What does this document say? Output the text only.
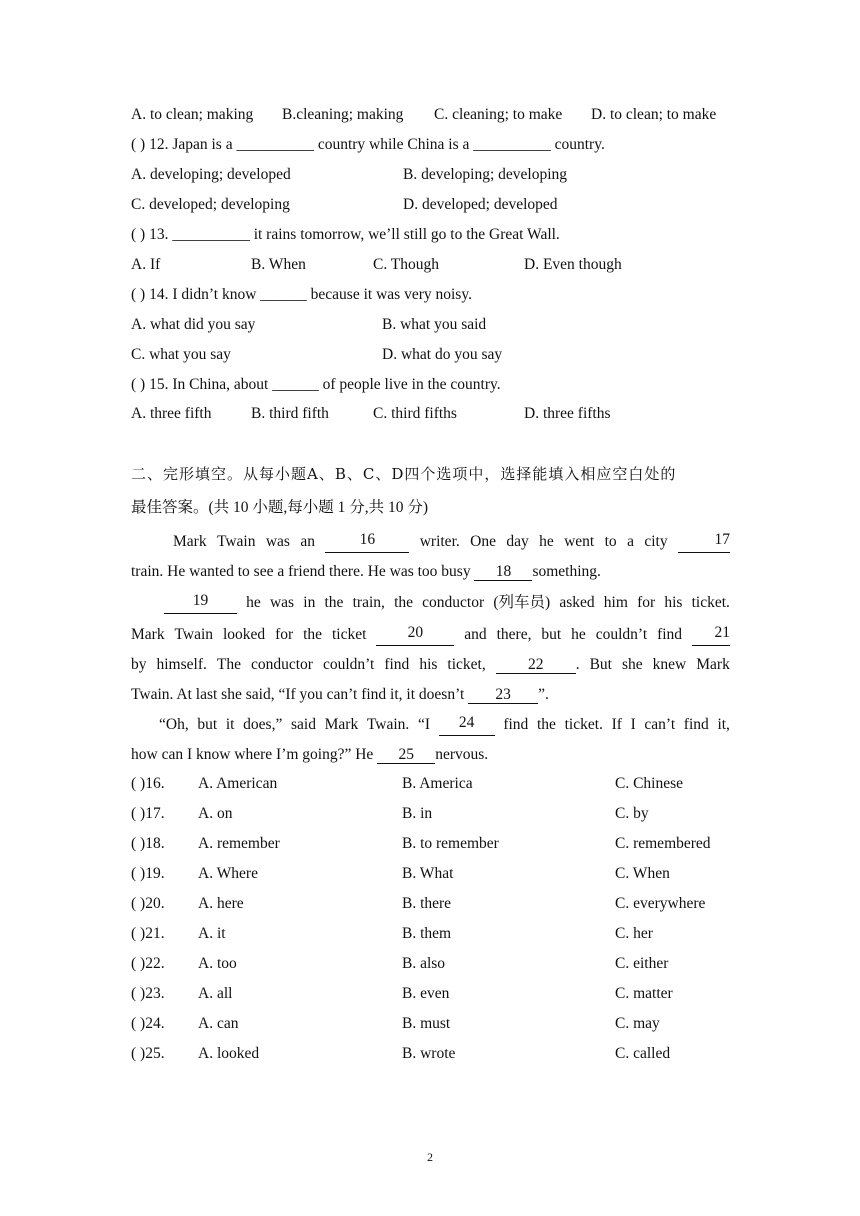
A. to clean; making B.cleaning; making C. cleaning; to make D. to clean; to make
( ) 12. Japan is a __________ country while China is a __________ country.
A. developing; developed	B. developing; developing
C. developed; developing	D. developed; developed
( ) 13. __________ it rains tomorrow, we’ll still go to the Great Wall.
A. If	B. When	C. Though	D. Even though
( ) 14. I didn’t know ______ because it was very noisy.
A. what did you say	B. what you said
C. what you say	D. what do you say
( ) 15. In China, about ______ of people live in the country.
A. three fifth	B. third fifth	C. third fifths	D. three fifths
二、完形填空。从每小题A、B、C、D四个选项中，选择能填入相应空白处的
最佳答案。(共 10 小题,每小题 1 分,共 10 分)
Mark Twain was an	16	writer. One day he went to a city	17
train. He wanted to see a friend there. He was too busy 18 something.
19	he was in the train, the conductor (列车员) asked him for his ticket.
Mark Twain looked for the ticket	20	and there, but he couldn’t find	21
by himself. The conductor couldn’t find his ticket,	22 . But she knew Mark
Twain. At last she said, “If you can’t find it, it doesn’t 23 ”.
“Oh, but it does,” said Mark Twain. “I	24	find the ticket. If I can’t find it,
how can I know where I’m going?” He 25 nervous.
( )16. A. American	B. America	C. Chinese
( )17. A. on	B. in	C. by
( )18. A. remember	B. to remember	C. remembered
( )19. A. Where	B. What	C. When
( )20. A. here	B. there	C. everywhere
( )21. A. it	B. them	C. her
( )22. A. too	B. also	C. either
( )23. A. all	B. even	C. matter
( )24. A. can	B. must	C. may
( )25. A. looked	B. wrote	C. called
2
